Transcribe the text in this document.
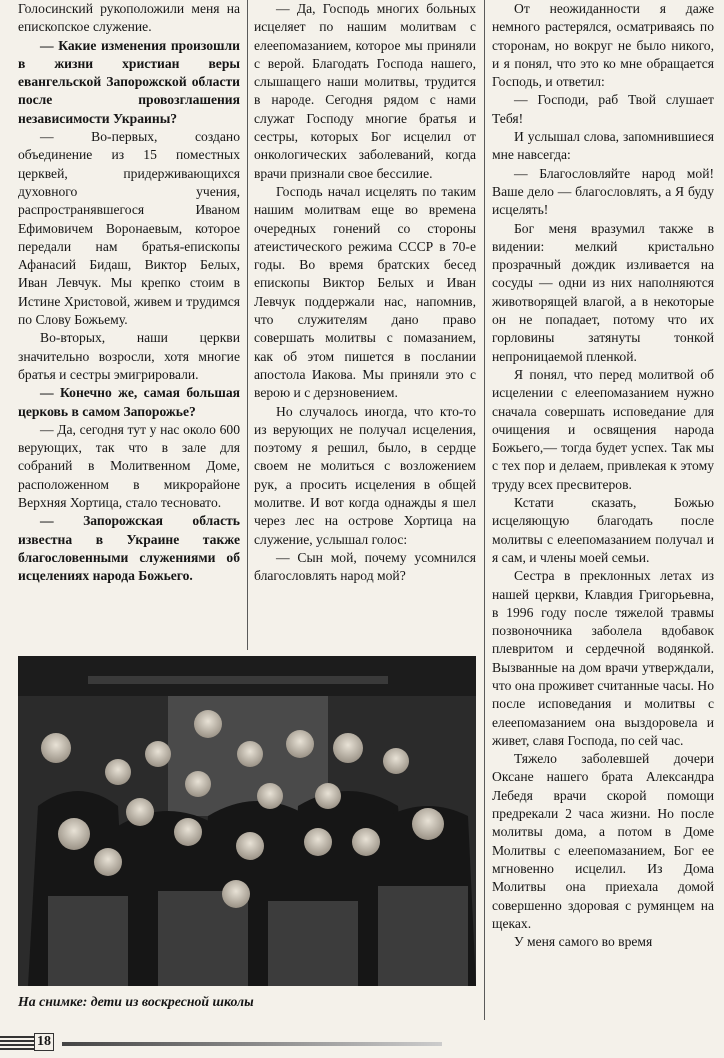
Голосинский рукоположили меня на епископское служение.

— Какие изменения произошли в жизни христиан веры евангельской Запорожской области после провозглашения независимости Украины?

— Во-первых, создано объединение из 15 поместных церквей, придерживающихся духовного учения, распространявшегося Иваном Ефимовичем Воронаевым, которое передали нам братья-епископы Афанасий Бидаш, Виктор Белых, Иван Левчук. Мы крепко стоим в Истине Христовой, живем и трудимся по Слову Божьему.

Во-вторых, наши церкви значительно возросли, хотя многие братья и сестры эмигрировали.

— Конечно же, самая большая церковь в самом Запорожье?

— Да, сегодня тут у нас около 600 верующих, так что в зале для собраний в Молитвенном Доме, расположенном в микрорайоне Верхняя Хортица, стало тесновато.

— Запорожская область известна в Украине также благословенными служениями об исцелениях народа Божьего.

— Да, Господь многих больных исцеляет по нашим молитвам с елеепомазанием, которое мы приняли с верой. Благодать Господа нашего, слышащего наши молитвы, трудится в народе. Сегодня рядом с нами служат Господу многие братья и сестры, которых Бог исцелил от онкологических заболеваний, когда врачи признали свое бессилие.

Господь начал исцелять по таким нашим молитвам еще во времена очередных гонений со стороны атеистического режима СССР в 70-е годы. Во время братских бесед епископы Виктор Белых и Иван Левчук поддержали нас, напомнив, что служителям дано право совершать молитвы с помазанием, как об этом пишется в послании апостола Иакова. Мы приняли это с верою и с дерзновением.

Но случалось иногда, что кто-то из верующих не получал исцеления, поэтому я решил, было, в сердце своем не молиться с возложением рук, а просить исцеления в общей молитве. И вот когда однажды я шел через лес на острове Хортица на служение, услышал голос:

— Сын мой, почему усомнился благословлять народ мой?

От неожиданности я даже немного растерялся, осматриваясь по сторонам, но вокруг не было никого, и я понял, что это ко мне обращается Господь, и ответил:

— Господи, раб Твой слушает Тебя!

И услышал слова, запомнившиеся мне навсегда:

— Благословляйте народ мой! Ваше дело — благословлять, а Я буду исцелять!

Бог меня вразумил также в видении: мелкий кристально прозрачный дождик изливается на сосуды — одни из них наполняются животворящей влагой, а в некоторые он не попадает, потому что их горловины затянуты тонкой непроницаемой пленкой.

Я понял, что перед молитвой об исцелении с елеепомазанием нужно сначала совершать исповедание для очищения и освящения народа Божьего,— тогда будет успех. Так мы с тех пор и делаем, привлекая к этому труду всех пресвитеров.

Кстати сказать, Божью исцеляющую благодать после молитвы с елеепомазанием получал и я сам, и члены моей семьи.

Сестра в преклонных летах из нашей церкви, Клавдия Григорьевна, в 1996 году после тяжелой травмы позвоночника заболела вдобавок плевритом и сердечной водянкой. Вызванные на дом врачи утверждали, что она проживет считанные часы. Но после исповедания и молитвы с елеепомазанием она выздоровела и живет, славя Господа, по сей час.

Тяжело заболевшей дочери Оксане нашего брата Александра Лебедя врачи скорой помощи предрекали 2 часа жизни. Но после молитвы дома, а потом в Доме Молитвы с елеепомазанием, Бог ее мгновенно исцелил. Из Дома Молитвы она приехала домой совершенно здоровая с румянцем на щеках.

У меня самого во время

На снимке: дети из воскресной школы
18
